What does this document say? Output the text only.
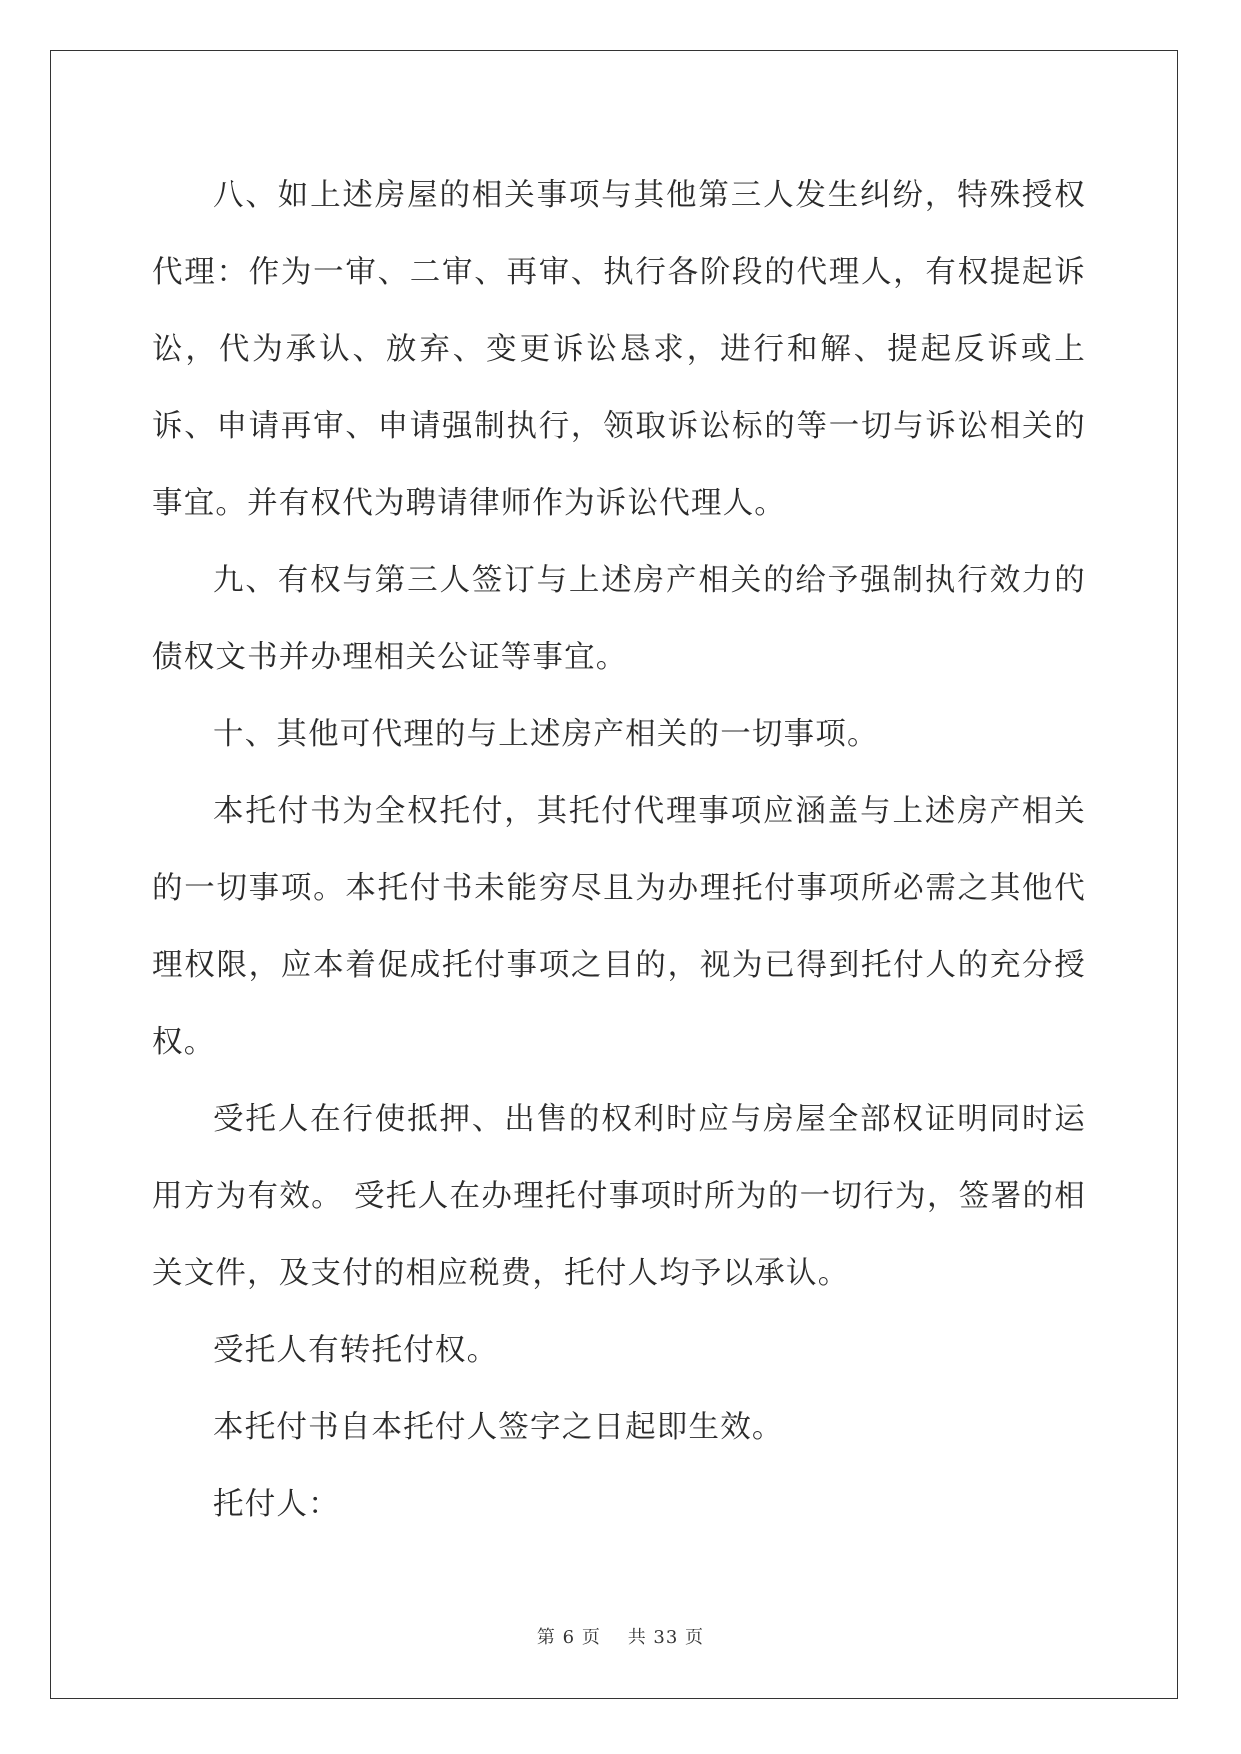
八、如上述房屋的相关事项与其他第三人发生纠纷，特殊授权代理：作为一审、二审、再审、执行各阶段的代理人，有权提起诉讼，代为承认、放弃、变更诉讼恳求，进行和解、提起反诉或上诉、申请再审、申请强制执行，领取诉讼标的等一切与诉讼相关的事宜。并有权代为聘请律师作为诉讼代理人。

九、有权与第三人签订与上述房产相关的给予强制执行效力的债权文书并办理相关公证等事宜。

十、其他可代理的与上述房产相关的一切事项。

本托付书为全权托付，其托付代理事项应涵盖与上述房产相关的一切事项。本托付书未能穷尽且为办理托付事项所必需之其他代理权限，应本着促成托付事项之目的，视为已得到托付人的充分授权。

受托人在行使抵押、出售的权利时应与房屋全部权证明同时运用方为有效。 受托人在办理托付事项时所为的一切行为，签署的相关文件，及支付的相应税费，托付人均予以承认。

受托人有转托付权。

本托付书自本托付人签字之日起即生效。

托付人：

第 6 页    共 33 页
